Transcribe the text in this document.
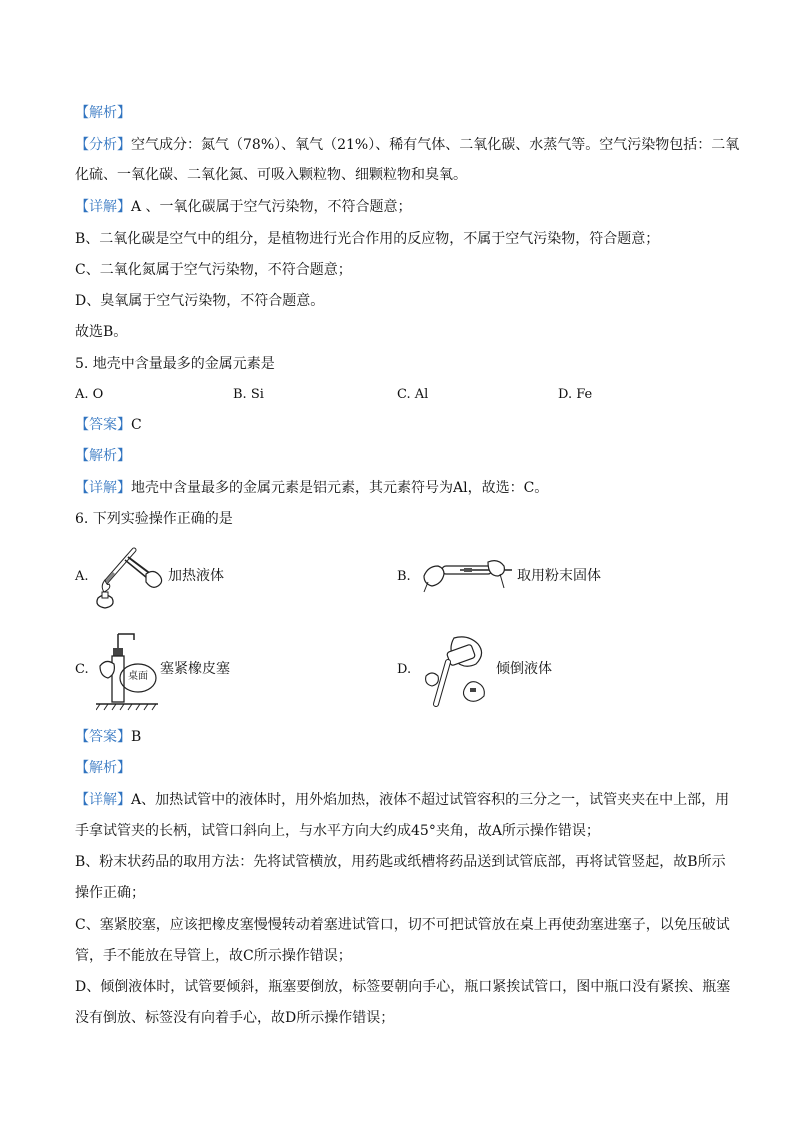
【解析】
【分析】空气成分：氮气（78%）、氧气（21%）、稀有气体、二氧化碳、水蒸气等。空气污染物包括：二氧
化硫、一氧化碳、二氧化氮、可吸入颗粒物、细颗粒物和臭氧。
【详解】A 、一氧化碳属于空气污染物，不符合题意；
B、二氧化碳是空气中的组分，是植物进行光合作用的反应物，不属于空气污染物，符合题意；
C、二氧化氮属于空气污染物，不符合题意；
D、臭氧属于空气污染物，不符合题意。
故选B。
5. 地壳中含量最多的金属元素是
A. O	B. Si	C. Al	D. Fe
【答案】C
【解析】
【详解】地壳中含量最多的金属元素是铝元素，其元素符号为Al，故选：C。
6. 下列实验操作正确的是
A.	加热液体	B.	取用粉末固体
C.	桌面 塞紧橡皮塞	D.	倾倒液体
【答案】B
【解析】
【详解】A、加热试管中的液体时，用外焰加热，液体不超过试管容积的三分之一，试管夹夹在中上部，用
手拿试管夹的长柄，试管口斜向上，与水平方向大约成45°夹角，故A所示操作错误；
B、粉末状药品的取用方法：先将试管横放，用药匙或纸槽将药品送到试管底部，再将试管竖起，故B所示
操作正确；
C、塞紧胶塞，应该把橡皮塞慢慢转动着塞进试管口，切不可把试管放在桌上再使劲塞进塞子，以免压破试
管，手不能放在导管上，故C所示操作错误；
D、倾倒液体时，试管要倾斜，瓶塞要倒放，标签要朝向手心，瓶口紧挨试管口，图中瓶口没有紧挨、瓶塞
没有倒放、标签没有向着手心，故D所示操作错误；
